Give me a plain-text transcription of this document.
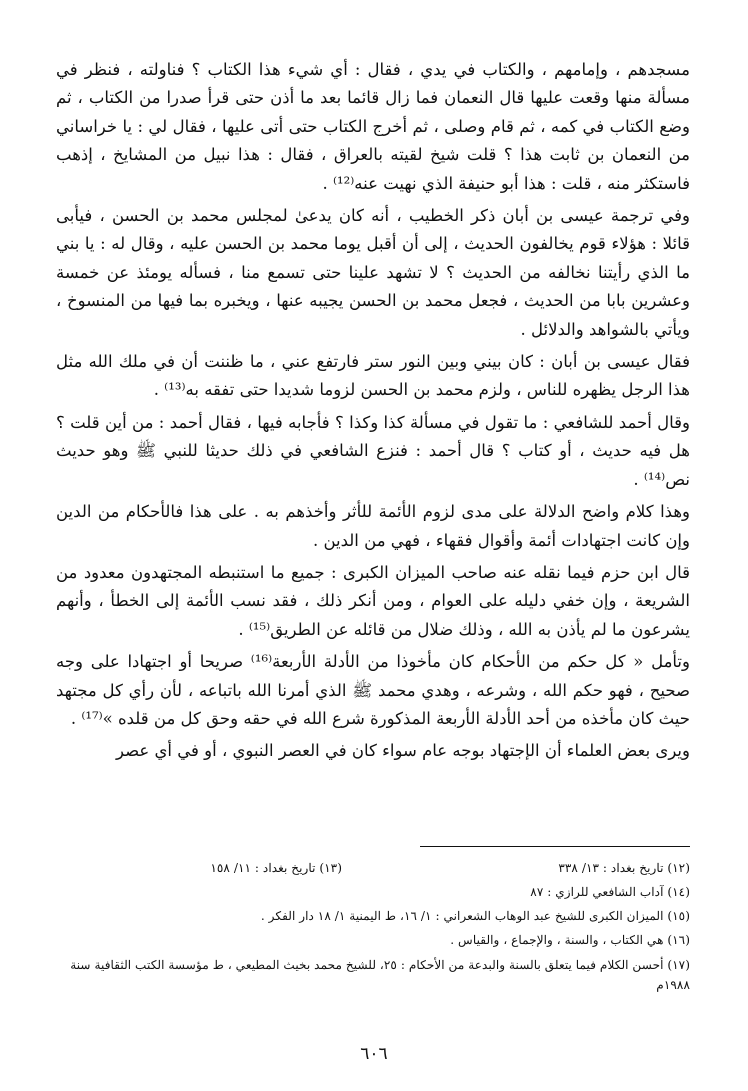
مسجدهم ، وإمامهم ، والكتاب في يدي ، فقال : أي شيء هذا الكتاب ؟ فناولته ، فنظر في مسألة منها وقعت عليها قال النعمان فما زال قائما بعد ما أذن حتى قرأ صدرا من الكتاب ، ثم وضع الكتاب في كمه ، ثم قام وصلى ، ثم أخرج الكتاب حتى أتى عليها ، فقال لي : يا خراساني من النعمان بن ثابت هذا ؟ قلت شيخ لقيته بالعراق ، فقال : هذا نبيل من المشايخ ، إذهب فاستكثر منه ، قلت : هذا أبو حنيفة الذي نهيت عنه⁽¹²⁾ .

وفي ترجمة عيسى بن أبان ذكر الخطيب ، أنه كان يدعىٰ لمجلس محمد بن الحسن ، فيأبى قائلا : هؤلاء قوم يخالفون الحديث ، إلى أن أقبل يوما محمد بن الحسن عليه ، وقال له : يا بني ما الذي رأيتنا نخالفه من الحديث ؟ لا تشهد علينا حتى تسمع منا ، فسأله يومئذ عن خمسة وعشرين بابا من الحديث ، فجعل محمد بن الحسن يجيبه عنها ، ويخبره بما فيها من المنسوخ ، ويأتي بالشواهد والدلائل .

فقال عيسى بن أبان : كان بيني وبين النور ستر فارتفع عني ، ما ظننت أن في ملك الله مثل هذا الرجل يظهره للناس ، ولزم محمد بن الحسن لزوما شديدا حتى تفقه به⁽¹³⁾ .

وقال أحمد للشافعي : ما تقول في مسألة كذا وكذا ؟ فأجابه فيها ، فقال أحمد : من أين قلت ؟ هل فيه حديث ، أو كتاب ؟ قال أحمد : فنزع الشافعي في ذلك حديثا للنبي ﷺ وهو حديث نص⁽¹⁴⁾ .

وهذا كلام واضح الدلالة على مدى لزوم الأئمة للأثر وأخذهم به . على هذا فالأحكام من الدين وإن كانت اجتهادات أئمة وأقوال فقهاء ، فهي من الدين .

قال ابن حزم فيما نقله عنه صاحب الميزان الكبرى : جميع ما استنبطه المجتهدون معدود من الشريعة ، وإن خفي دليله على العوام ، ومن أنكر ذلك ، فقد نسب الأئمة إلى الخطأ ، وأنهم يشرعون ما لم يأذن به الله ، وذلك ضلال من قائله عن الطريق⁽¹⁵⁾ .

وتأمل « كل حكم من الأحكام كان مأخوذا من الأدلة الأربعة⁽¹⁶⁾ صريحا أو اجتهادا على وجه صحيح ، فهو حكم الله ، وشرعه ، وهدي محمد ﷺ الذي أمرنا الله باتباعه ، لأن رأي كل مجتهد حيث كان مأخذه من أحد الأدلة الأربعة المذكورة شرع الله في حقه وحق كل من قلده »⁽¹⁷⁾ .

ويرى بعض العلماء أن الإجتهاد بوجه عام سواء كان في العصر النبوي ، أو في أي عصر

(١٢) تاريخ بغداد : ١٣/ ٣٣٨

(١٣) تاريخ بغداد : ١١/ ١٥٨

(١٤) آداب الشافعي للرازي : ٨٧

(١٥) الميزان الكبرى للشيخ عبد الوهاب الشعراني : ١/ ١٦، ط اليمنية ١/ ١٨ دار الفكر .

(١٦) هي الكتاب ، والسنة ، والإجماع ، والقياس .

(١٧) أحسن الكلام فيما يتعلق بالسنة والبدعة من الأحكام : ٢٥، للشيخ محمد بخيث المطيعي ، ط مؤسسة الكتب الثقافية سنة ١٩٨٨م

٦٠٦
